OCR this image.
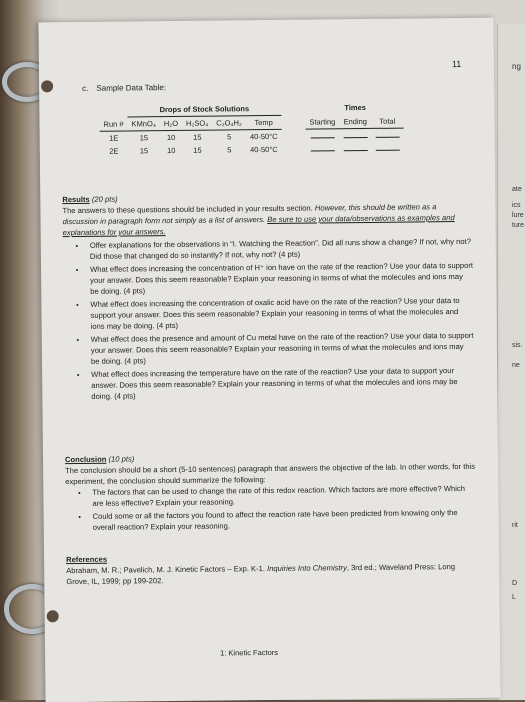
ng
ate
ics
lure
ture
sis.
ne
rit
D
L
11
c. Sample Data Table:
	Drops of Stock Solutions							Times	
Run #	KMnO₄	H₂O	H₂SO₄	C₂O₄H₂	Temp		Starting	Ending	Total
1E	15	10	15	5	40-50°C				
2E	15	10	15	5	40-50°C				
Results (20 pts)
The answers to these questions should be included in your results section. However, this should be written as a discussion in paragraph form not simply as a list of answers. Be sure to use your data/observations as examples and explanations for your answers.
• Offer explanations for the observations in “I. Watching the Reaction”. Did all runs show a change? If not, why not? Did those that changed do so instantly? If not, why not? (4 pts)
• What effect does increasing the concentration of H⁺ ion have on the rate of the reaction? Use your data to support your answer. Does this seem reasonable? Explain your reasoning in terms of what the molecules and ions may be doing. (4 pts)
• What effect does increasing the concentration of oxalic acid have on the rate of the reaction? Use your data to support your answer. Does this seem reasonable? Explain your reasoning in terms of what the molecules and ions may be doing. (4 pts)
• What effect does the presence and amount of Cu metal have on the rate of the reaction? Use your data to support your answer. Does this seem reasonable? Explain your reasoning in terms of what the molecules and ions may be doing. (4 pts)
• What effect does increasing the temperature have on the rate of the reaction? Use your data to support your answer. Does this seem reasonable? Explain your reasoning in terms of what the molecules and ions may be doing. (4 pts)
Conclusion (10 pts)
The conclusion should be a short (5-10 sentences) paragraph that answers the objective of the lab. In other words, for this experiment, the conclusion should summarize the following:
• The factors that can be used to change the rate of this redox reaction. Which factors are more effective? Which are less effective? Explain your reasoning.
• Could some or all the factors you found to affect the reaction rate have been predicted from knowing only the overall reaction? Explain your reasoning.
References
Abraham, M. R.; Pavelich, M. J. Kinetic Factors – Exp. K-1. Inquiries Into Chemistry, 3rd ed.; Waveland Press: Long Grove, IL, 1999; pp 199-202.
1: Kinetic Factors
